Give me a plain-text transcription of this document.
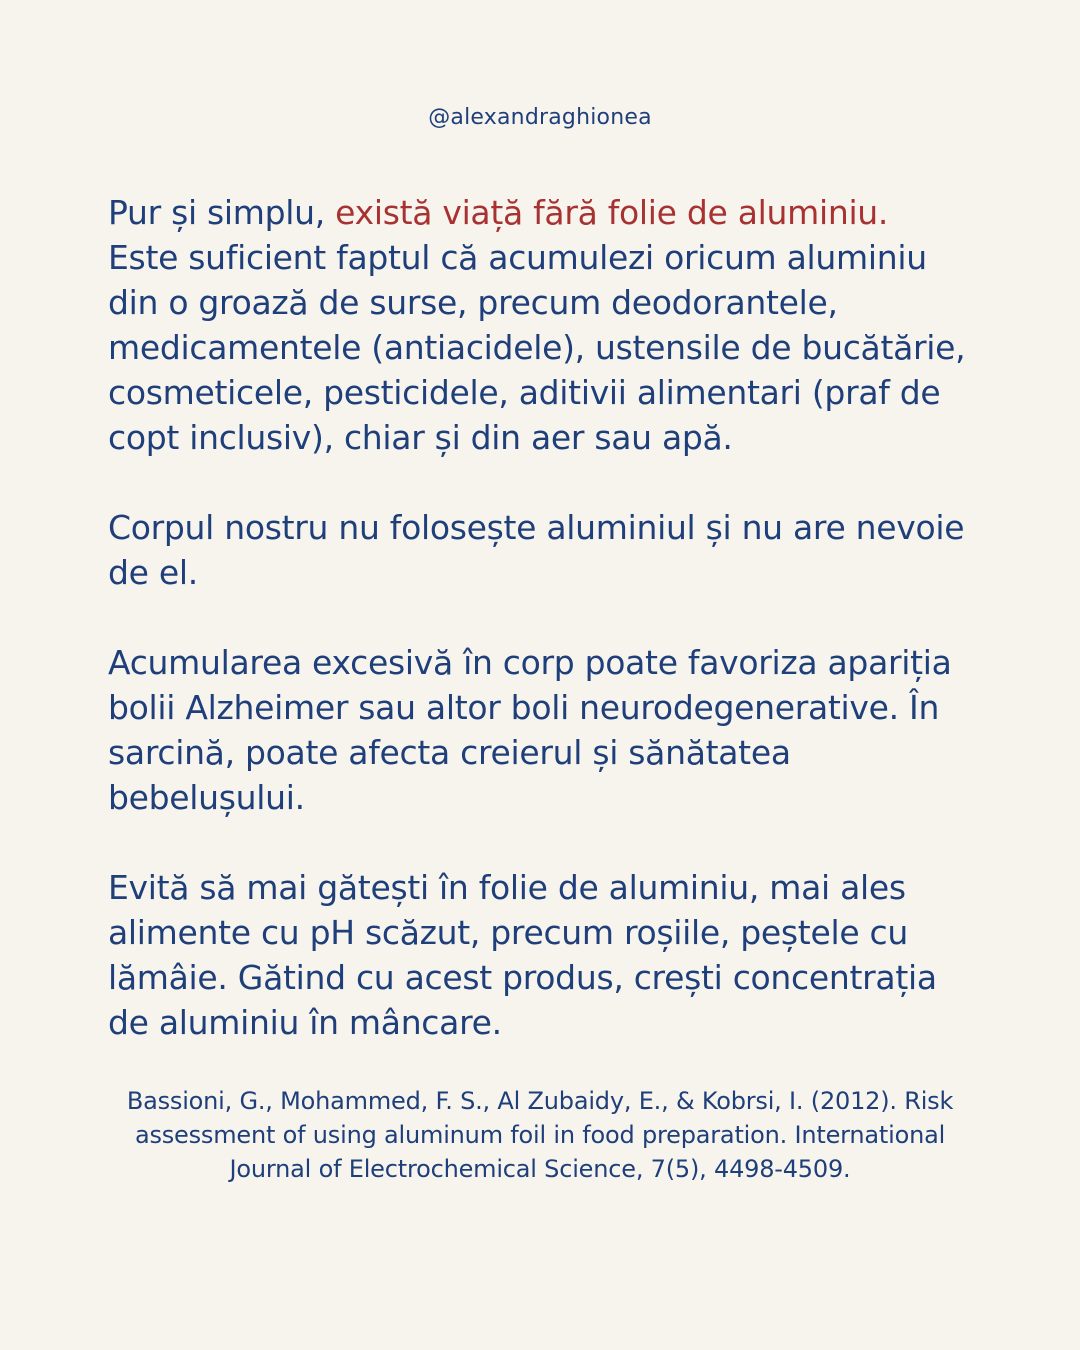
@alexandraghionea

Pur și simplu, există viață fără folie de aluminiu. Este suficient faptul că acumulezi oricum aluminiu din o groază de surse, precum deodorantele, medicamentele (antiacidele), ustensile de bucătărie, cosmeticele, pesticidele, aditivii alimentari (praf de copt inclusiv), chiar și din aer sau apă.

Corpul nostru nu folosește aluminiul și nu are nevoie de el.

Acumularea excesivă în corp poate favoriza apariția bolii Alzheimer sau altor boli neurodegenerative. În sarcină, poate afecta creierul și sănătatea bebelușului.

Evită să mai gătești în folie de aluminiu, mai ales alimente cu pH scăzut, precum roșiile, peștele cu lămâie. Gătind cu acest produs, crești concentrația de aluminiu în mâncare.

Bassioni, G., Mohammed, F. S., Al Zubaidy, E., & Kobrsi, I. (2012). Risk assessment of using aluminum foil in food preparation. International Journal of Electrochemical Science, 7(5), 4498-4509.
